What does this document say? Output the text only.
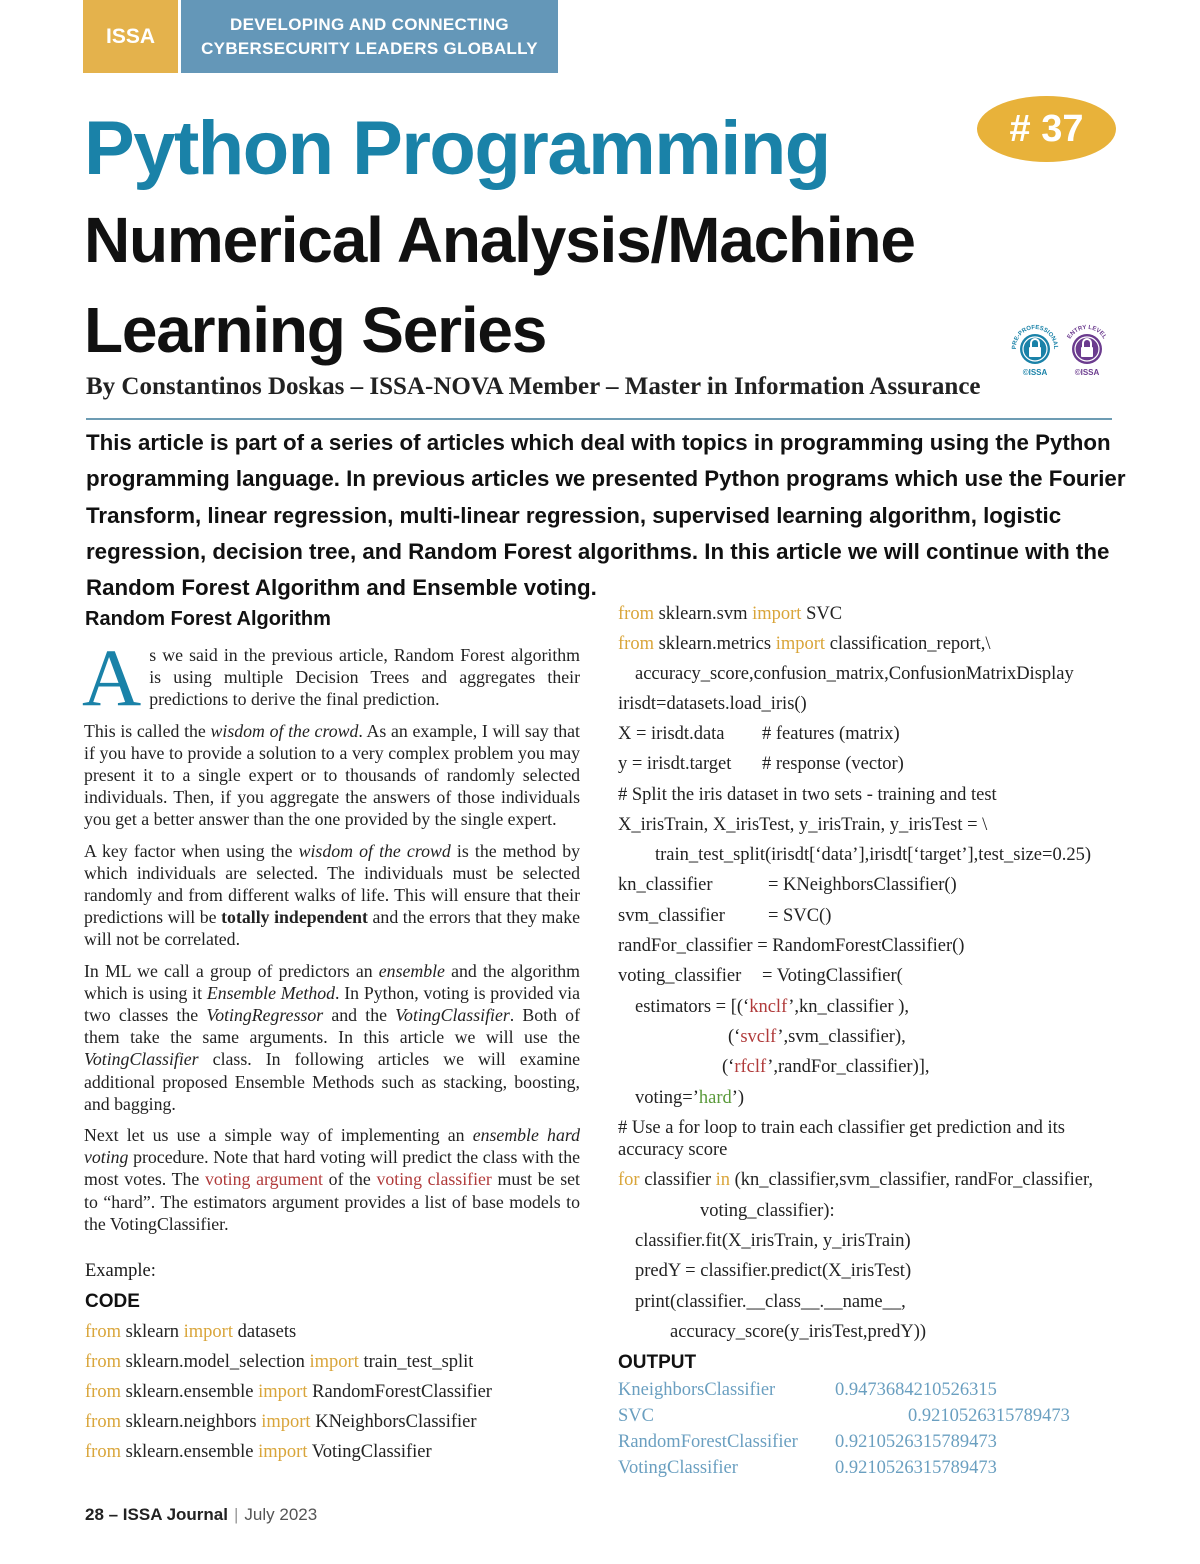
ISSA
DEVELOPING AND CONNECTING
CYBERSECURITY LEADERS GLOBALLY
# 37
Python Programming
Numerical Analysis/Machine
Learning Series	PRE-PROFESSIONAL
©ISSA
ENTRY LEVEL
©ISSA
By Constantinos Doskas – ISSA-NOVA Member – Master in Information Assurance
This article is part of a series of articles which deal with topics in programming using the Python
programming language. In previous articles we presented Python programs which use the Fourier
Transform, linear regression, multi-linear regression, supervised learning algorithm, logistic
regression, decision tree, and Random Forest algorithms. In this article we will continue with the
Random Forest Algorithm and Ensemble voting.
Random Forest Algorithm

As we said in the previous article, Random Forest algorithm is using multiple Decision Trees and aggregates their predictions to derive the final prediction.

This is called the wisdom of the crowd. As an example, I will say that if you have to provide a solution to a very complex problem you may present it to a single expert or to thousands of randomly selected individuals. Then, if you aggregate the answers of those individuals you get a better answer than the one provided by the single expert.

A key factor when using the wisdom of the crowd is the method by which individuals are selected. The individuals must be selected randomly and from different walks of life. This will ensure that their predictions will be totally independent and the errors that they make will not be correlated.

In ML we call a group of predictors an ensemble and the algorithm which is using it Ensemble Method. In Python, voting is provided via two classes the VotingRegressor and the VotingClassifier. Both of them take the same arguments. In this article we will use the VotingClassifier class. In following articles we will examine additional proposed Ensemble Methods such as stacking, boosting, and bagging.

Next let us use a simple way of implementing an ensemble hard voting procedure. Note that hard voting will predict the class with the most votes. The voting argument of the voting classifier must be set to “hard”. The estimators argument provides a list of base models to the VotingClassifier.

Example:
CODE
from sklearn import datasets
from sklearn.model_selection import train_test_split
from sklearn.ensemble import RandomForestClassifier
from sklearn.neighbors import KNeighborsClassifier
from sklearn.ensemble import VotingClassifier
from sklearn.svm import SVC
from sklearn.metrics import classification_report,\
accuracy_score,confusion_matrix,ConfusionMatrixDisplay
irisdt=datasets.load_iris()
X = irisdt.data # features (matrix)
y = irisdt.target # response (vector)
# Split the iris dataset in two sets - training and test
X_irisTrain, X_irisTest, y_irisTrain, y_irisTest = \
train_test_split(irisdt[‘data’],irisdt[‘target’],test_size=0.25)
kn_classifier	= KNeighborsClassifier()
svm_classifier = SVC()
randFor_classifier = RandomForestClassifier()
voting_classifier = VotingClassifier(
estimators = [(‘knclf’,kn_classifier ),
(‘svclf’,svm_classifier),
(‘rfclf’,randFor_classifier)],
voting=’hard’)
# Use a for loop to train each classifier get prediction and its
accuracy score
for classifier in (kn_classifier,svm_classifier, randFor_classifier,
voting_classifier):
classifier.fit(X_irisTrain, y_irisTrain)
predY = classifier.predict(X_irisTest)
print(classifier.__class__.__name__,
accuracy_score(y_irisTest,predY))
OUTPUT
KneighborsClassifier	0.9473684210526315
SVC	0.9210526315789473
RandomForestClassifier 0.9210526315789473
VotingClassifier	0.9210526315789473
28 – ISSA Journal | July 2023
